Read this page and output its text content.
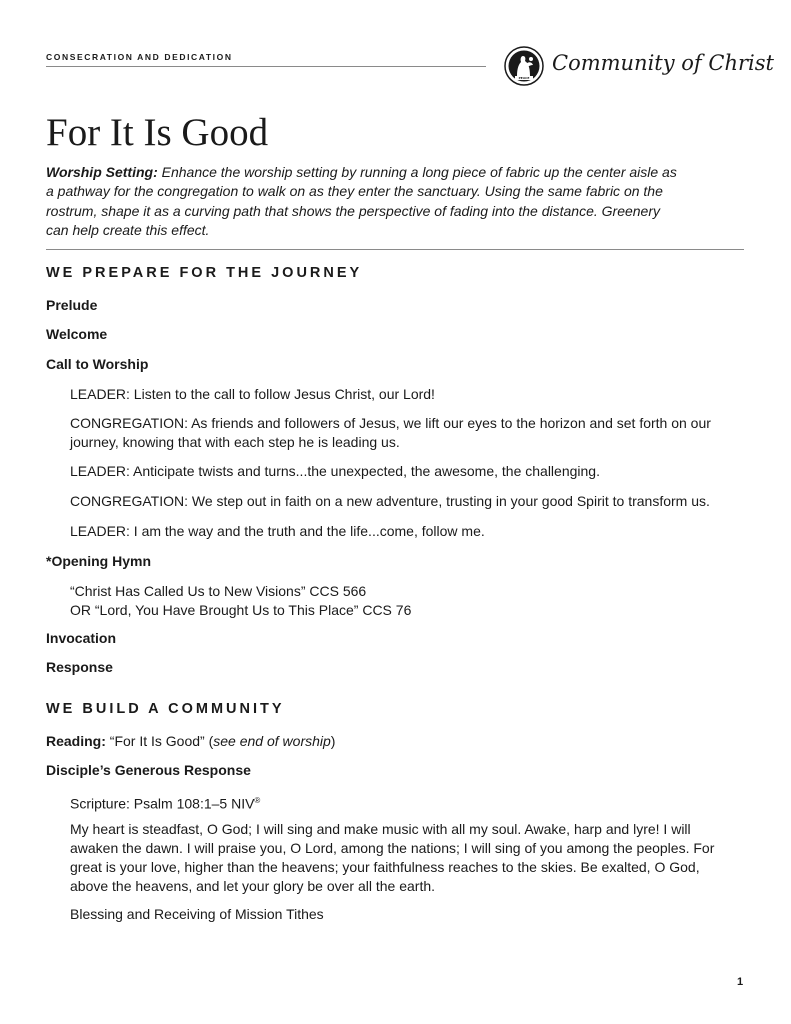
CONSECRATION AND DEDICATION
PEACE
Community of Christ
For It Is Good

Worship Setting: Enhance the worship setting by running a long piece of fabric up the center aisle as a pathway for the congregation to walk on as they enter the sanctuary. Using the same fabric on the rostrum, shape it as a curving path that shows the perspective of fading into the distance. Greenery can help create this effect.

WE PREPARE FOR THE JOURNEY

Prelude

Welcome

Call to Worship

LEADER: Listen to the call to follow Jesus Christ, our Lord!

CONGREGATION: As friends and followers of Jesus, we lift our eyes to the horizon and set forth on our journey, knowing that with each step he is leading us.

LEADER: Anticipate twists and turns...the unexpected, the awesome, the challenging.

CONGREGATION: We step out in faith on a new adventure, trusting in your good Spirit to transform us.

LEADER: I am the way and the truth and the life...come, follow me.

*Opening Hymn

“Christ Has Called Us to New Visions” CCS 566

OR “Lord, You Have Brought Us to This Place” CCS 76

Invocation

Response

WE BUILD A COMMUNITY

Reading: “For It Is Good” (see end of worship)

Disciple’s Generous Response

Scripture: Psalm 108:1–5 NIV®

My heart is steadfast, O God; I will sing and make music with all my soul. Awake, harp and lyre! I will awaken the dawn. I will praise you, O Lord, among the nations; I will sing of you among the peoples. For great is your love, higher than the heavens; your faithfulness reaches to the skies. Be exalted, O God, above the heavens, and let your glory be over all the earth.

Blessing and Receiving of Mission Tithes

1
